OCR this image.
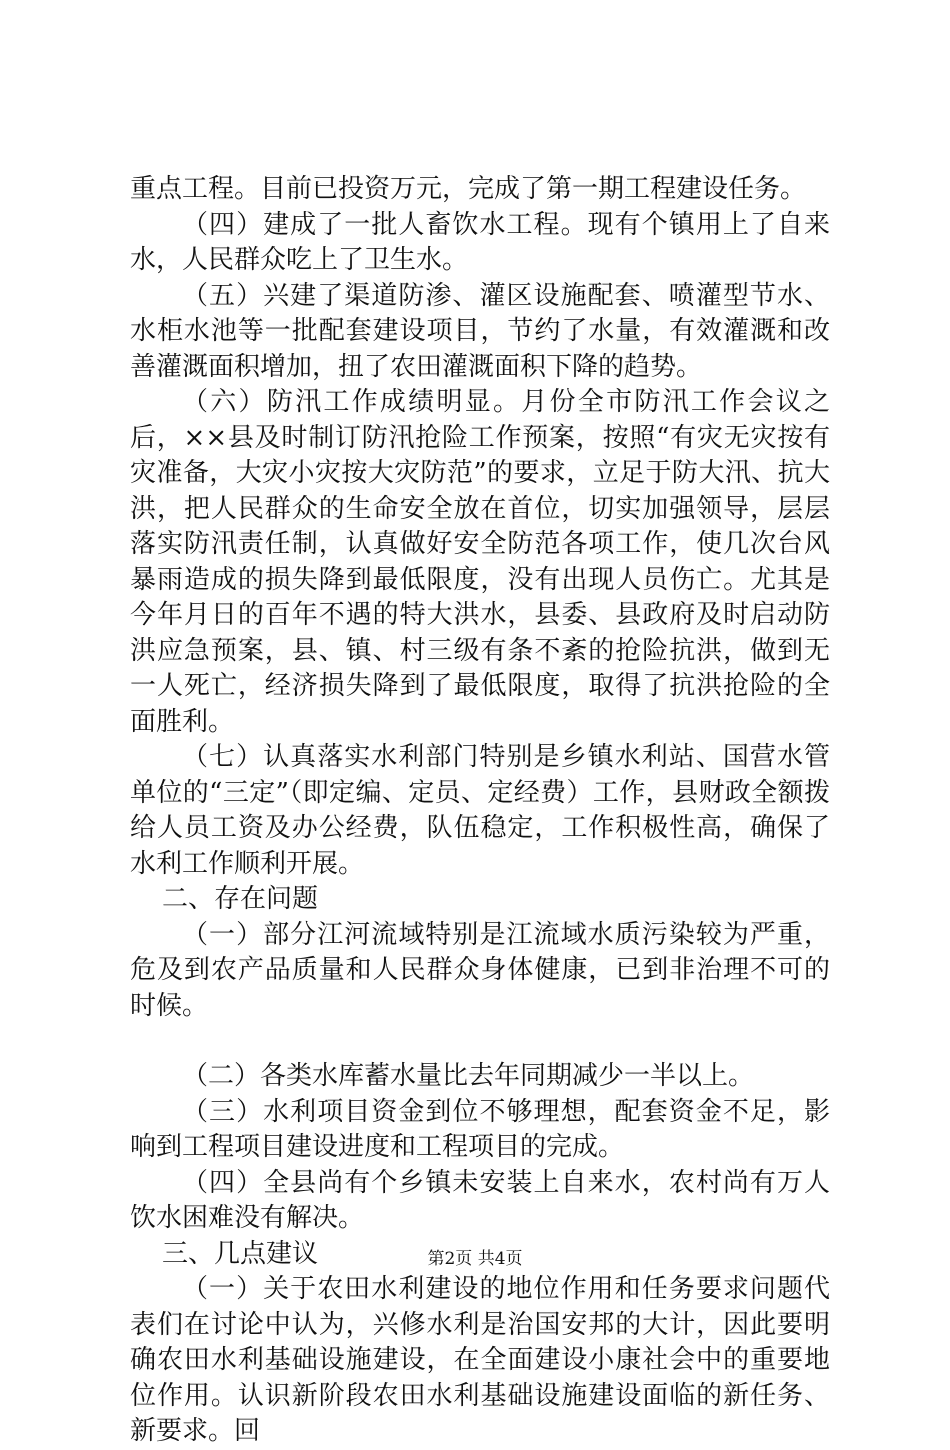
重点工程。目前已投资万元，完成了第一期工程建设任务。

（四）建成了一批人畜饮水工程。现有个镇用上了自来水，人民群众吃上了卫生水。

（五）兴建了渠道防渗、灌区设施配套、喷灌型节水、水柜水池等一批配套建设项目，节约了水量，有效灌溉和改善灌溉面积增加，扭了农田灌溉面积下降的趋势。

（六）防汛工作成绩明显。月份全市防汛工作会议之后，××县及时制订防汛抢险工作预案，按照“有灾无灾按有灾准备，大灾小灾按大灾防范”的要求，立足于防大汛、抗大洪，把人民群众的生命安全放在首位，切实加强领导，层层落实防汛责任制，认真做好安全防范各项工作，使几次台风暴雨造成的损失降到最低限度，没有出现人员伤亡。尤其是今年月日的百年不遇的特大洪水，县委、县政府及时启动防洪应急预案，县、镇、村三级有条不紊的抢险抗洪，做到无一人死亡，经济损失降到了最低限度，取得了抗洪抢险的全面胜利。

（七）认真落实水利部门特别是乡镇水利站、国营水管单位的“三定”（即定编、定员、定经费）工作，县财政全额拨给人员工资及办公经费，队伍稳定，工作积极性高，确保了水利工作顺利开展。

二、存在问题

（一）部分江河流域特别是江流域水质污染较为严重，危及到农产品质量和人民群众身体健康，已到非治理不可的时候。

（二）各类水库蓄水量比去年同期减少一半以上。

（三）水利项目资金到位不够理想，配套资金不足，影响到工程项目建设进度和工程项目的完成。

（四）全县尚有个乡镇未安装上自来水，农村尚有万人饮水困难没有解决。

三、几点建议

（一）关于农田水利建设的地位作用和任务要求问题代表们在讨论中认为，兴修水利是治国安邦的大计，因此要明确农田水利基础设施建设，在全面建设小康社会中的重要地位作用。认识新阶段农田水利基础设施建设面临的新任务、新要求。回

第2页 共4页
